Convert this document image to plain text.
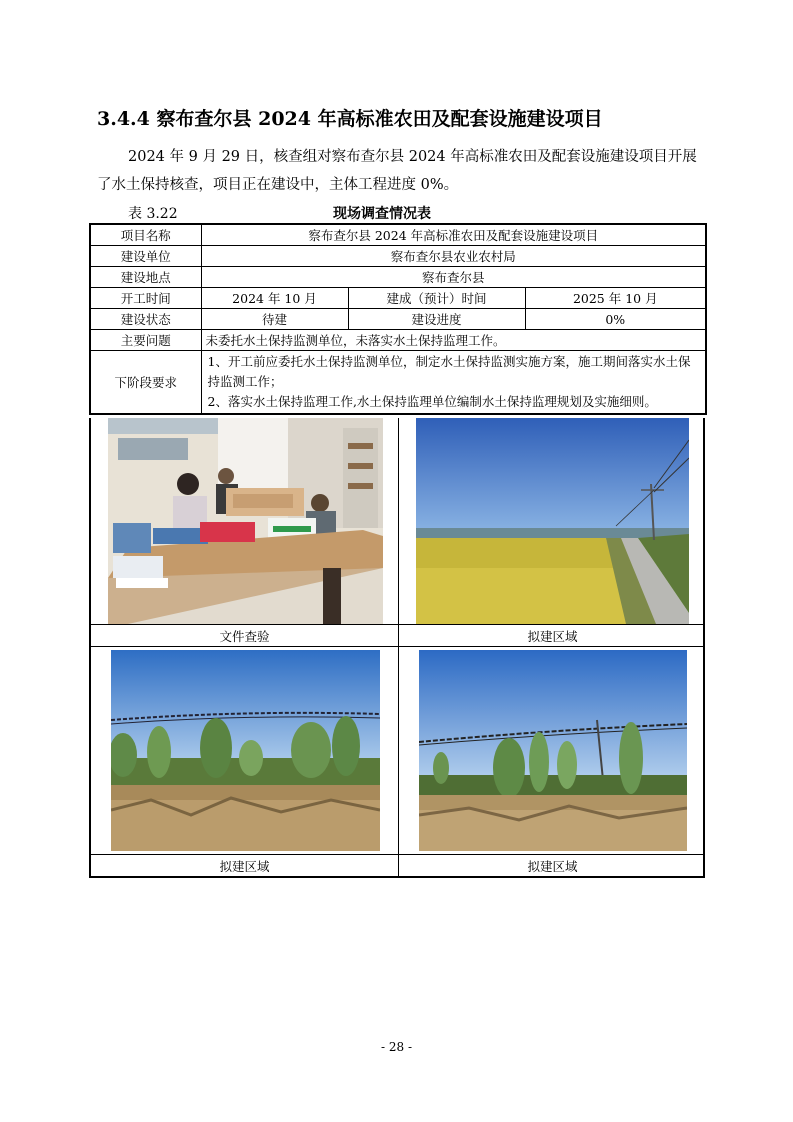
3.4.4 察布查尔县 2024 年高标准农田及配套设施建设项目
2024 年 9 月 29 日，核查组对察布查尔县 2024 年高标准农田及配套设施建设项目开展了水土保持核查，项目正在建设中，主体工程进度 0%。
表 3.22	现场调查情况表
项目名称	察布查尔县 2024 年高标准农田及配套设施建设项目		
建设单位	察布查尔县农业农村局		
建设地点	察布查尔县		
开工时间	2024 年 10 月	建成（预计）时间	2025 年 10 月
建设状态	待建	建设进度	0%
主要问题	未委托水土保持监测单位，未落实水土保持监理工作。		
下阶段要求	1、开工前应委托水土保持监测单位，制定水土保持监测实施方案，施工期间落实水土保持监测工作；
2、落实水土保持监理工作,水土保持监理单位编制水土保持监理规划及实施细则。		
文件查验	拟建区域
拟建区域	拟建区域
- 28 -
